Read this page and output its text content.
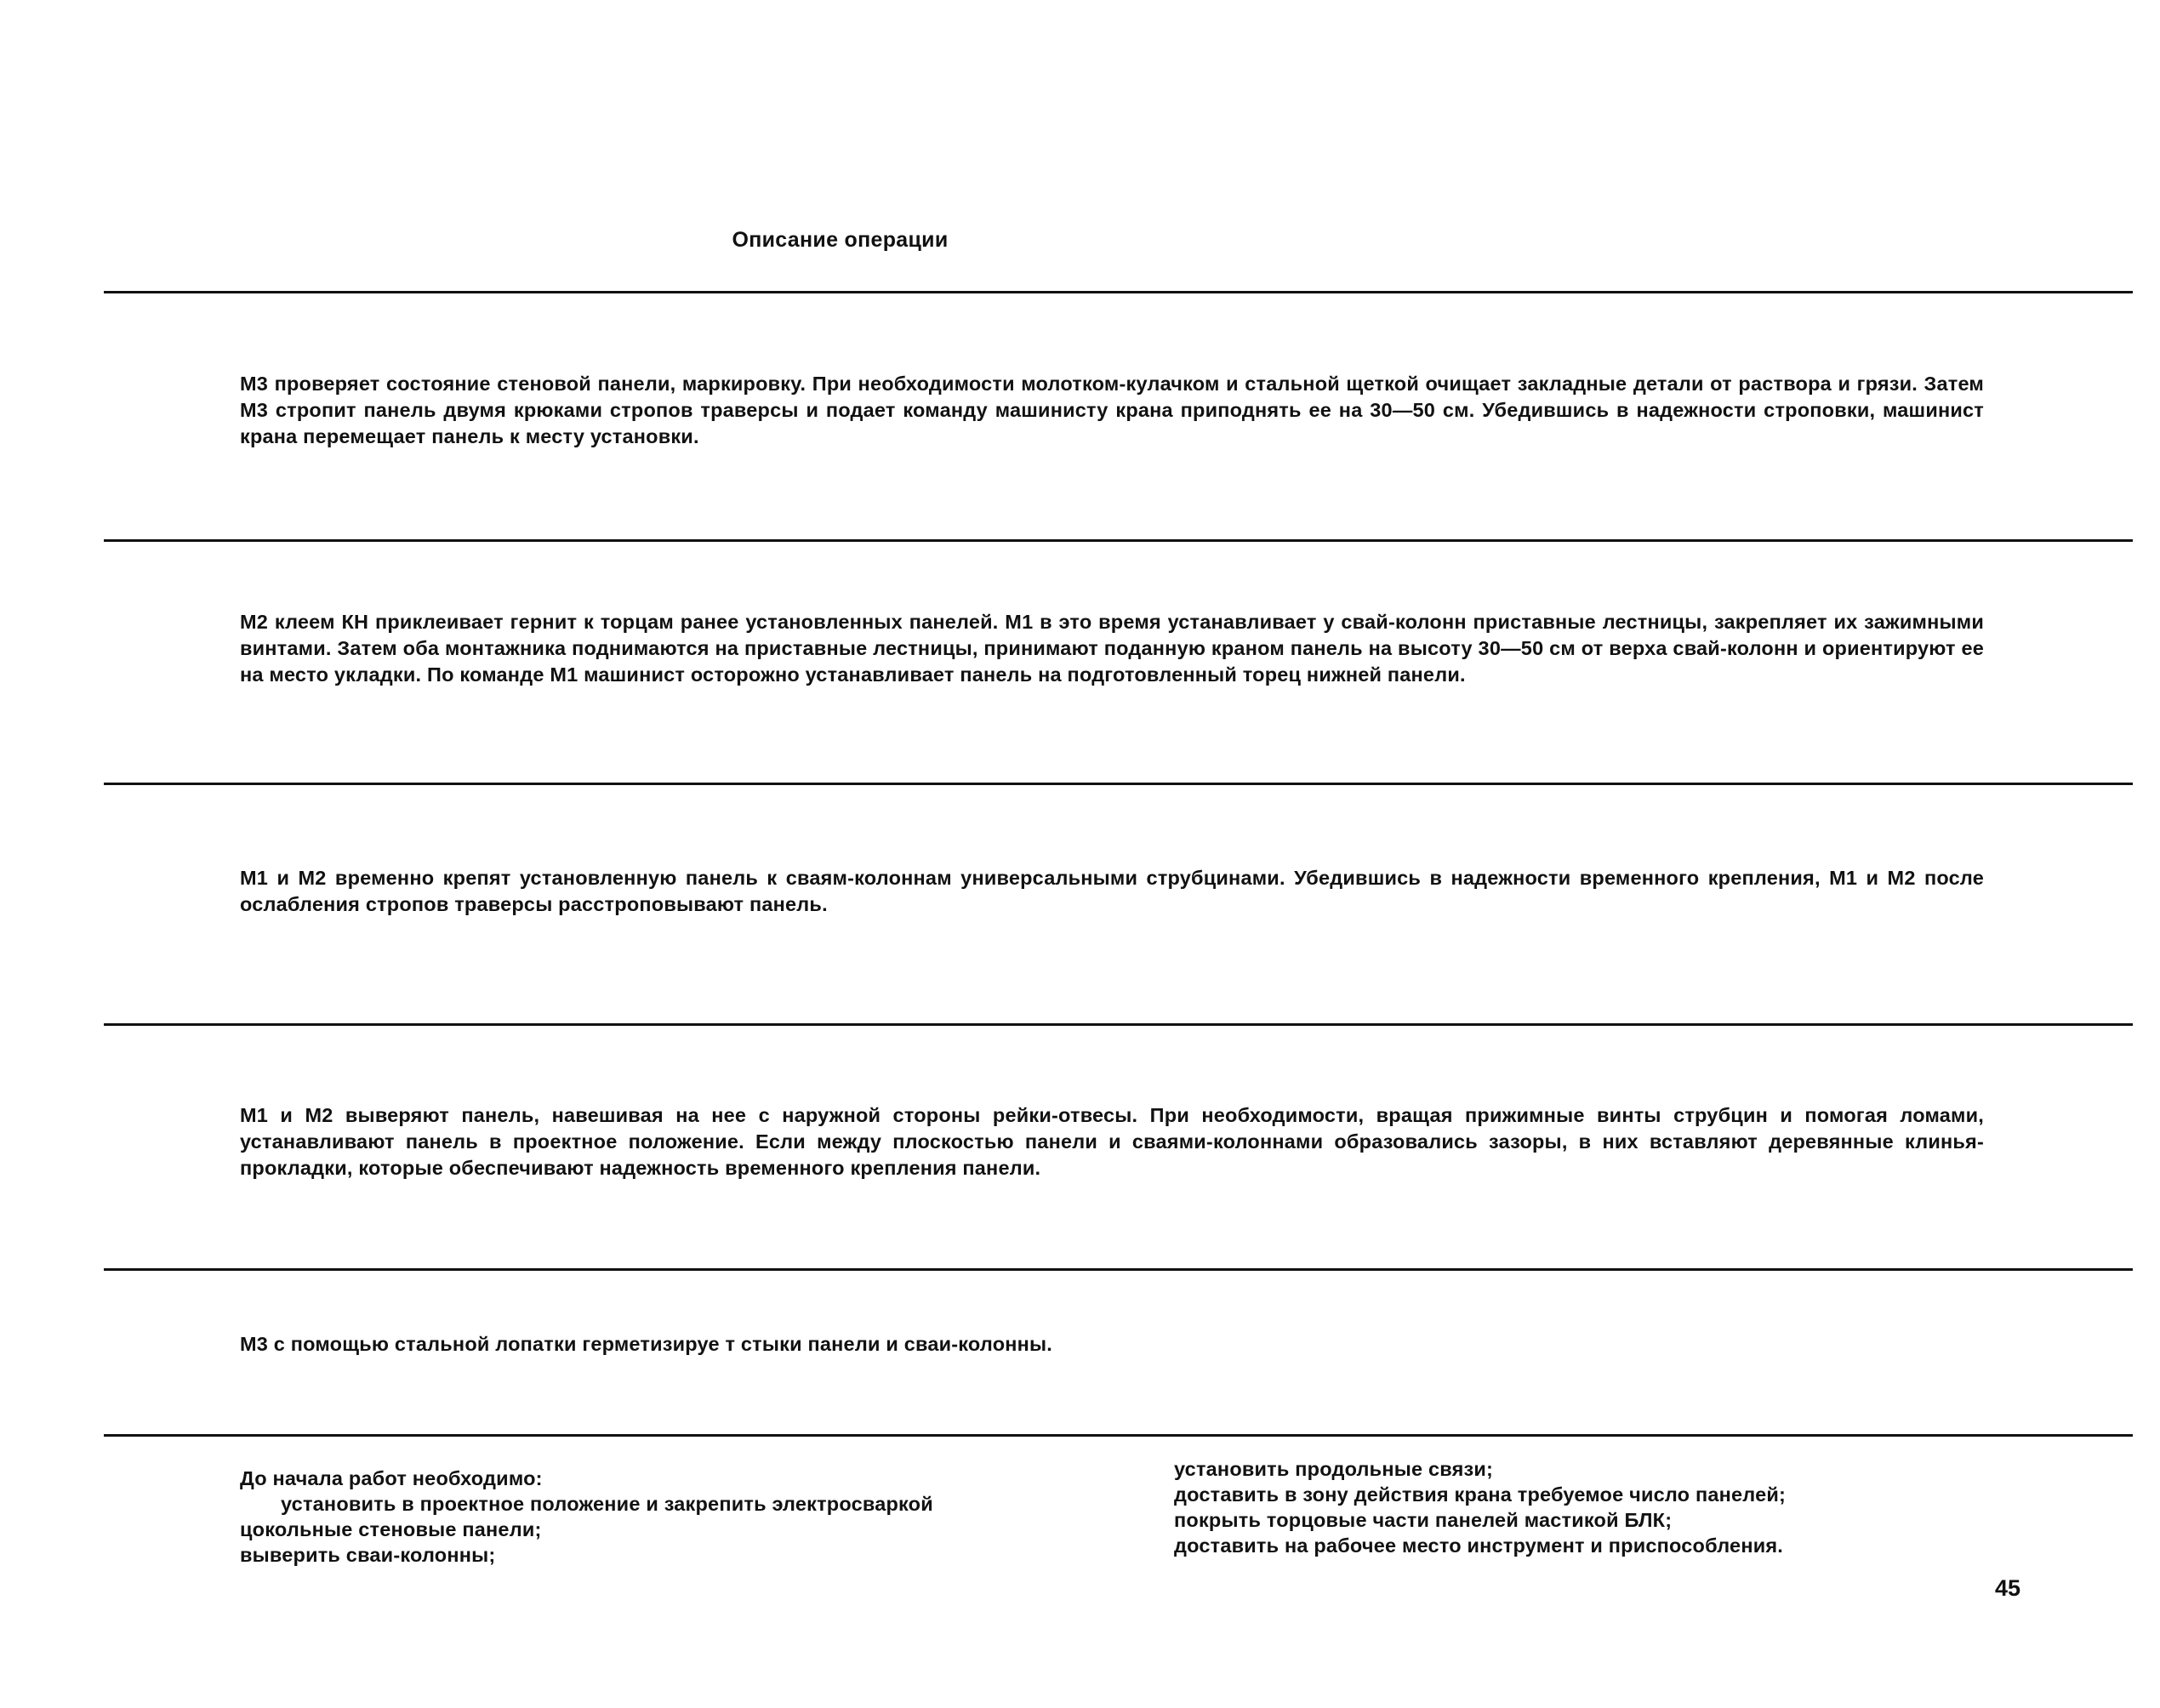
Описание операции

М3 проверяет состояние стеновой панели, маркировку. При необходимости молотком-кулачком и стальной щеткой очищает закладные детали от раствора и грязи. Затем М3 стропит панель двумя крюками стропов траверсы и подает команду машинисту крана приподнять ее на 30—50 см. Убедившись в надежности строповки, машинист крана перемещает панель к месту установки.

М2 клеем КН приклеивает гернит к торцам ранее установленных панелей. М1 в это время устанавливает у свай-колонн приставные лестницы, закрепляет их зажимными винтами. Затем оба монтажника поднимаются на приставные лестницы, принимают поданную краном панель на высоту 30—50 см от верха свай-колонн и ориентируют ее на место укладки. По команде М1 машинист осторожно устанавливает панель на подготовленный торец нижней панели.

М1 и М2 временно крепят установленную панель к сваям-колоннам универсальными струбцинами. Убедившись в надежности временного крепления, М1 и М2 после ослабления стропов траверсы расстроповывают панель.

М1 и М2 выверяют панель, навешивая на нее с наружной стороны рейки-отвесы. При необходимости, вращая прижимные винты струбцин и помогая ломами, устанавливают панель в проектное положение. Если между плоскостью панели и сваями-колоннами образовались зазоры, в них вставляют деревянные клинья-прокладки, которые обеспечивают надежность временного крепления панели.

М3 с помощью стальной лопатки герметизируе т стыки панели и сваи-колонны.

До начала работ необходимо:
установить в проектное положение и закрепить электросваркой
цокольные стеновые панели;
выверить сваи-колонны;
установить продольные связи;
доставить в зону действия крана требуемое число панелей;
покрыть торцовые части панелей мастикой БЛК;
доставить на рабочее место инструмент и приспособления.
45
